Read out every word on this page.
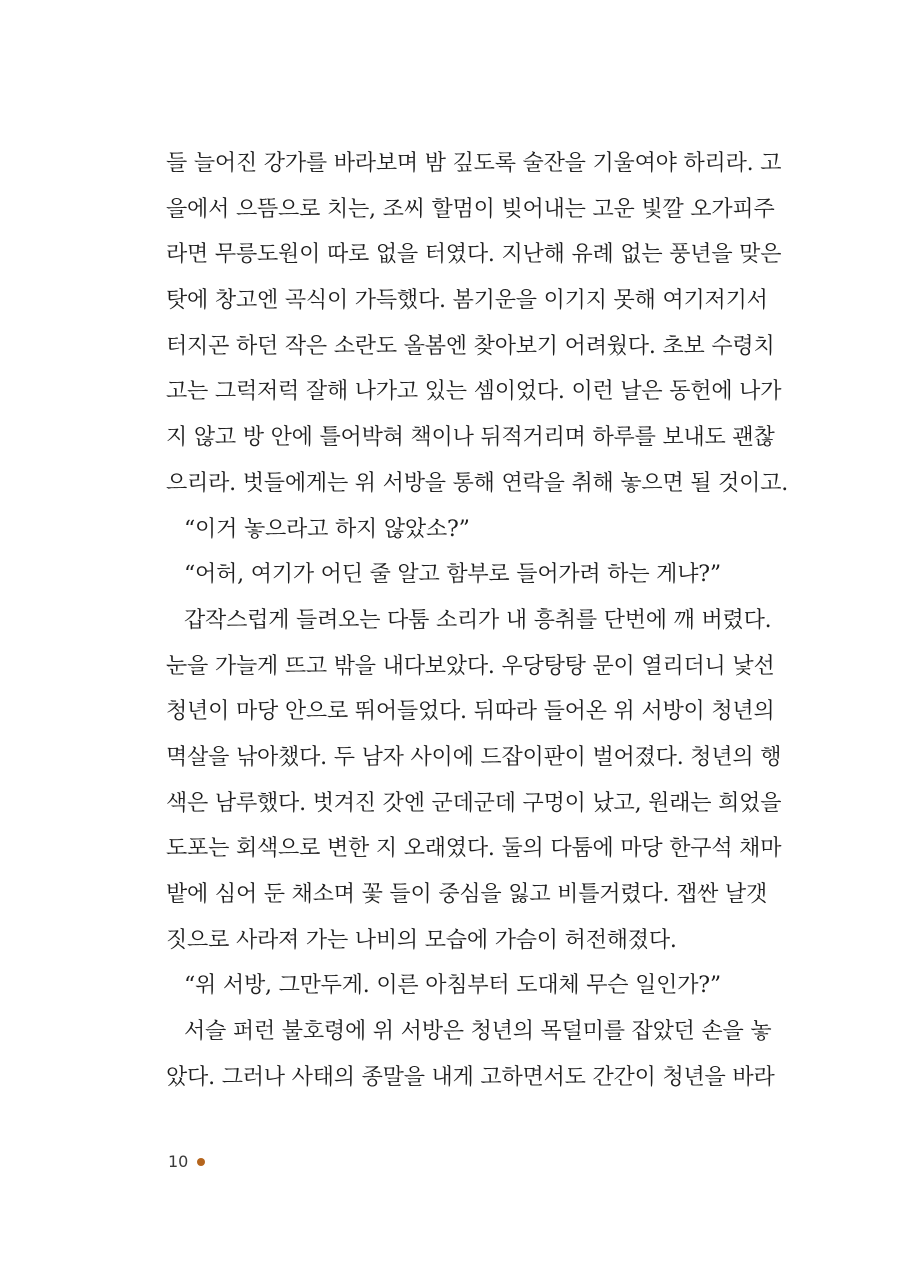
들 늘어진 강가를 바라보며 밤 깊도록 술잔을 기울여야 하리라. 고
을에서 으뜸으로 치는, 조씨 할멈이 빚어내는 고운 빛깔 오가피주
라면 무릉도원이 따로 없을 터였다. 지난해 유례 없는 풍년을 맞은
탓에 창고엔 곡식이 가득했다. 봄기운을 이기지 못해 여기저기서
터지곤 하던 작은 소란도 올봄엔 찾아보기 어려웠다. 초보 수령치
고는 그럭저럭 잘해 나가고 있는 셈이었다. 이런 날은 동헌에 나가
지 않고 방 안에 틀어박혀 책이나 뒤적거리며 하루를 보내도 괜찮
으리라. 벗들에게는 위 서방을 통해 연락을 취해 놓으면 될 것이고.
“이거 놓으라고 하지 않았소?”
“어허, 여기가 어딘 줄 알고 함부로 들어가려 하는 게냐?”
갑작스럽게 들려오는 다툼 소리가 내 흥취를 단번에 깨 버렸다.
눈을 가늘게 뜨고 밖을 내다보았다. 우당탕탕 문이 열리더니 낯선
청년이 마당 안으로 뛰어들었다. 뒤따라 들어온 위 서방이 청년의
멱살을 낚아챘다. 두 남자 사이에 드잡이판이 벌어졌다. 청년의 행
색은 남루했다. 벗겨진 갓엔 군데군데 구멍이 났고, 원래는 희었을
도포는 회색으로 변한 지 오래였다. 둘의 다툼에 마당 한구석 채마
밭에 심어 둔 채소며 꽃 들이 중심을 잃고 비틀거렸다. 잽싼 날갯
짓으로 사라져 가는 나비의 모습에 가슴이 허전해졌다.
“위 서방, 그만두게. 이른 아침부터 도대체 무슨 일인가?”
서슬 퍼런 불호령에 위 서방은 청년의 목덜미를 잡았던 손을 놓
았다. 그러나 사태의 종말을 내게 고하면서도 간간이 청년을 바라
10
